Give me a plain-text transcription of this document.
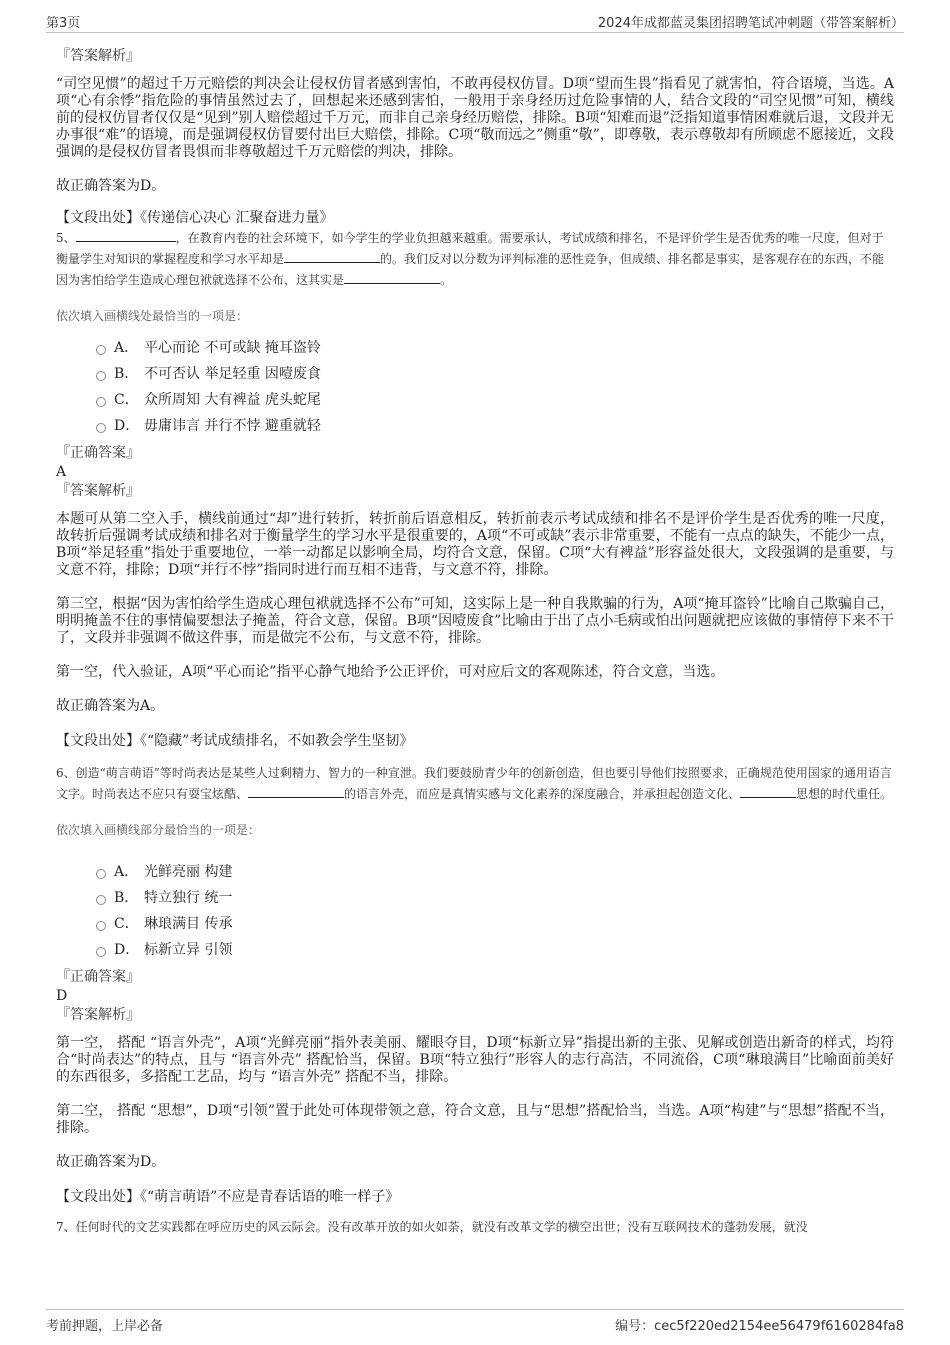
第3页	2024年成都蓝灵集团招聘笔试冲刺题（带答案解析）

『答案解析』

“司空见惯”的超过千万元赔偿的判决会让侵权仿冒者感到害怕，不敢再侵权仿冒。D项“望而生畏”指看见了就害怕，符合语境，当选。A项“心有余悸”指危险的事情虽然过去了，回想起来还感到害怕，一般用于亲身经历过危险事情的人，结合文段的“司空见惯”可知，横线前的侵权仿冒者仅仅是“见到”别人赔偿超过千万元，而非自己亲身经历赔偿，排除。B项“知难而退”泛指知道事情困难就后退，文段并无办事很“难”的语境，而是强调侵权仿冒要付出巨大赔偿，排除。C项“敬而远之”侧重“敬”，即尊敬，表示尊敬却有所顾虑不愿接近，文段强调的是侵权仿冒者畏惧而非尊敬超过千万元赔偿的判决，排除。

故正确答案为D。

【文段出处】《传递信心决心 汇聚奋进力量》

5、	，在教育内卷的社会环境下，如今学生的学业负担越来越重。需要承认，考试成绩和排名，不是评价学生是否优秀的唯一尺度，但对于衡量学生对知识的掌握程度和学习水平却是	的。我们反对以分数为评判标准的恶性竞争，但成绩、排名都是事实，是客观存在的东西，不能因为害怕给学生造成心理包袱就选择不公布，这其实是	。

依次填入画横线处最恰当的一项是：

A． 平心而论 不可或缺 掩耳盗铃
B． 不可否认 举足轻重 因噎废食
C． 众所周知 大有裨益 虎头蛇尾
D． 毋庸讳言 并行不悖 避重就轻

『正确答案』

A

『答案解析』

本题可从第二空入手，横线前通过“却”进行转折，转折前后语意相反，转折前表示考试成绩和排名不是评价学生是否优秀的唯一尺度，故转折后强调考试成绩和排名对于衡量学生的学习水平是很重要的，A项“不可或缺”表示非常重要，不能有一点点的缺失，不能少一点，B项“举足轻重”指处于重要地位，一举一动都足以影响全局，均符合文意，保留。C项“大有裨益”形容益处很大，文段强调的是重要，与文意不符，排除；D项“并行不悖”指同时进行而互相不违背，与文意不符，排除。

第三空，根据“因为害怕给学生造成心理包袱就选择不公布”可知，这实际上是一种自我欺骗的行为，A项“掩耳盗铃”比喻自己欺骗自己，明明掩盖不住的事情偏要想法子掩盖，符合文意，保留。B项“因噎废食”比喻由于出了点小毛病或怕出问题就把应该做的事情停下来不干了，文段并非强调不做这件事，而是做完不公布，与文意不符，排除。

第一空，代入验证，A项“平心而论”指平心静气地给予公正评价，可对应后文的客观陈述，符合文意，当选。

故正确答案为A。

【文段出处】《“隐藏”考试成绩排名，不如教会学生坚韧》

6、创造“萌言萌语”等时尚表达是某些人过剩精力、智力的一种宣泄。我们要鼓励青少年的创新创造，但也要引导他们按照要求，正确规范使用国家的通用语言文字。时尚表达不应只有耍宝炫酷、	的语言外壳，而应是真情实感与文化素养的深度融合，并承担起创造文化、	思想的时代重任。

依次填入画横线部分最恰当的一项是：

A． 光鲜亮丽 构建
B． 特立独行 统一
C． 琳琅满目 传承
D． 标新立异 引领

『正确答案』

D

『答案解析』

第一空， 搭配 “语言外壳”，A项“光鲜亮丽”指外表美丽、耀眼夺目，D项“标新立异”指提出新的主张、见解或创造出新奇的样式，均符合“时尚表达”的特点，且与 “语言外壳” 搭配恰当，保留。B项“特立独行”形容人的志行高洁，不同流俗，C项“琳琅满目”比喻面前美好的东西很多，多搭配工艺品，均与 “语言外壳” 搭配不当，排除。

第二空， 搭配 “思想”，D项“引领”置于此处可体现带领之意，符合文意，且与“思想”搭配恰当，当选。A项“构建”与“思想”搭配不当，排除。

故正确答案为D。

【文段出处】《“萌言萌语”不应是青春话语的唯一样子》

7、任何时代的文艺实践都在呼应历史的风云际会。没有改革开放的如火如荼，就没有改革文学的横空出世；没有互联网技术的蓬勃发展，就没

考前押题，上岸必备	编号：cec5f220ed2154ee56479f6160284fa8
